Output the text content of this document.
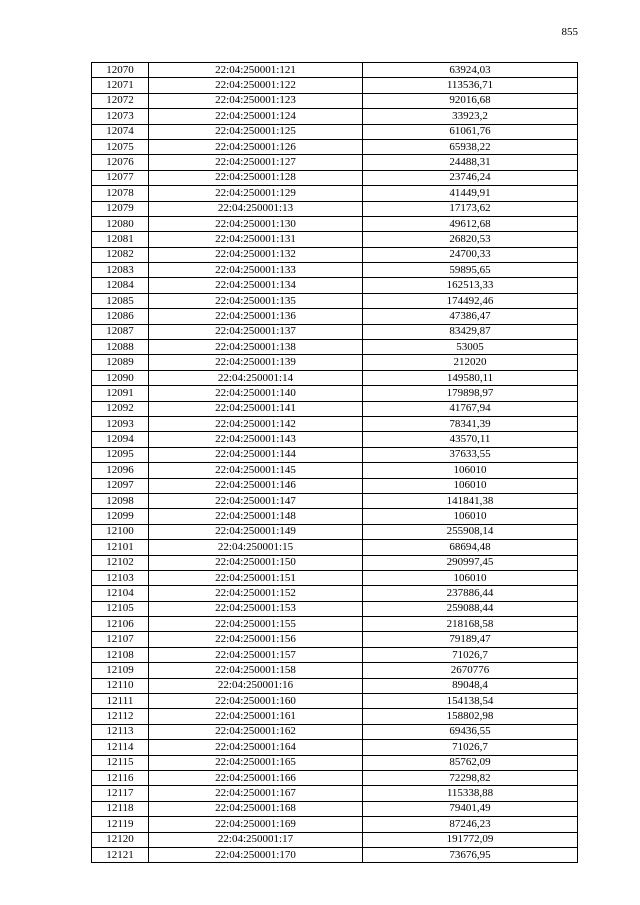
855
12070	22:04:250001:121	63924,03
12071	22:04:250001:122	113536,71
12072	22:04:250001:123	92016,68
12073	22:04:250001:124	33923,2
12074	22:04:250001:125	61061,76
12075	22:04:250001:126	65938,22
12076	22:04:250001:127	24488,31
12077	22:04:250001:128	23746,24
12078	22:04:250001:129	41449,91
12079	22:04:250001:13	17173,62
12080	22:04:250001:130	49612,68
12081	22:04:250001:131	26820,53
12082	22:04:250001:132	24700,33
12083	22:04:250001:133	59895,65
12084	22:04:250001:134	162513,33
12085	22:04:250001:135	174492,46
12086	22:04:250001:136	47386,47
12087	22:04:250001:137	83429,87
12088	22:04:250001:138	53005
12089	22:04:250001:139	212020
12090	22:04:250001:14	149580,11
12091	22:04:250001:140	179898,97
12092	22:04:250001:141	41767,94
12093	22:04:250001:142	78341,39
12094	22:04:250001:143	43570,11
12095	22:04:250001:144	37633,55
12096	22:04:250001:145	106010
12097	22:04:250001:146	106010
12098	22:04:250001:147	141841,38
12099	22:04:250001:148	106010
12100	22:04:250001:149	255908,14
12101	22:04:250001:15	68694,48
12102	22:04:250001:150	290997,45
12103	22:04:250001:151	106010
12104	22:04:250001:152	237886,44
12105	22:04:250001:153	259088,44
12106	22:04:250001:155	218168,58
12107	22:04:250001:156	79189,47
12108	22:04:250001:157	71026,7
12109	22:04:250001:158	2670776
12110	22:04:250001:16	89048,4
12111	22:04:250001:160	154138,54
12112	22:04:250001:161	158802,98
12113	22:04:250001:162	69436,55
12114	22:04:250001:164	71026,7
12115	22:04:250001:165	85762,09
12116	22:04:250001:166	72298,82
12117	22:04:250001:167	115338,88
12118	22:04:250001:168	79401,49
12119	22:04:250001:169	87246,23
12120	22:04:250001:17	191772,09
12121	22:04:250001:170	73676,95
